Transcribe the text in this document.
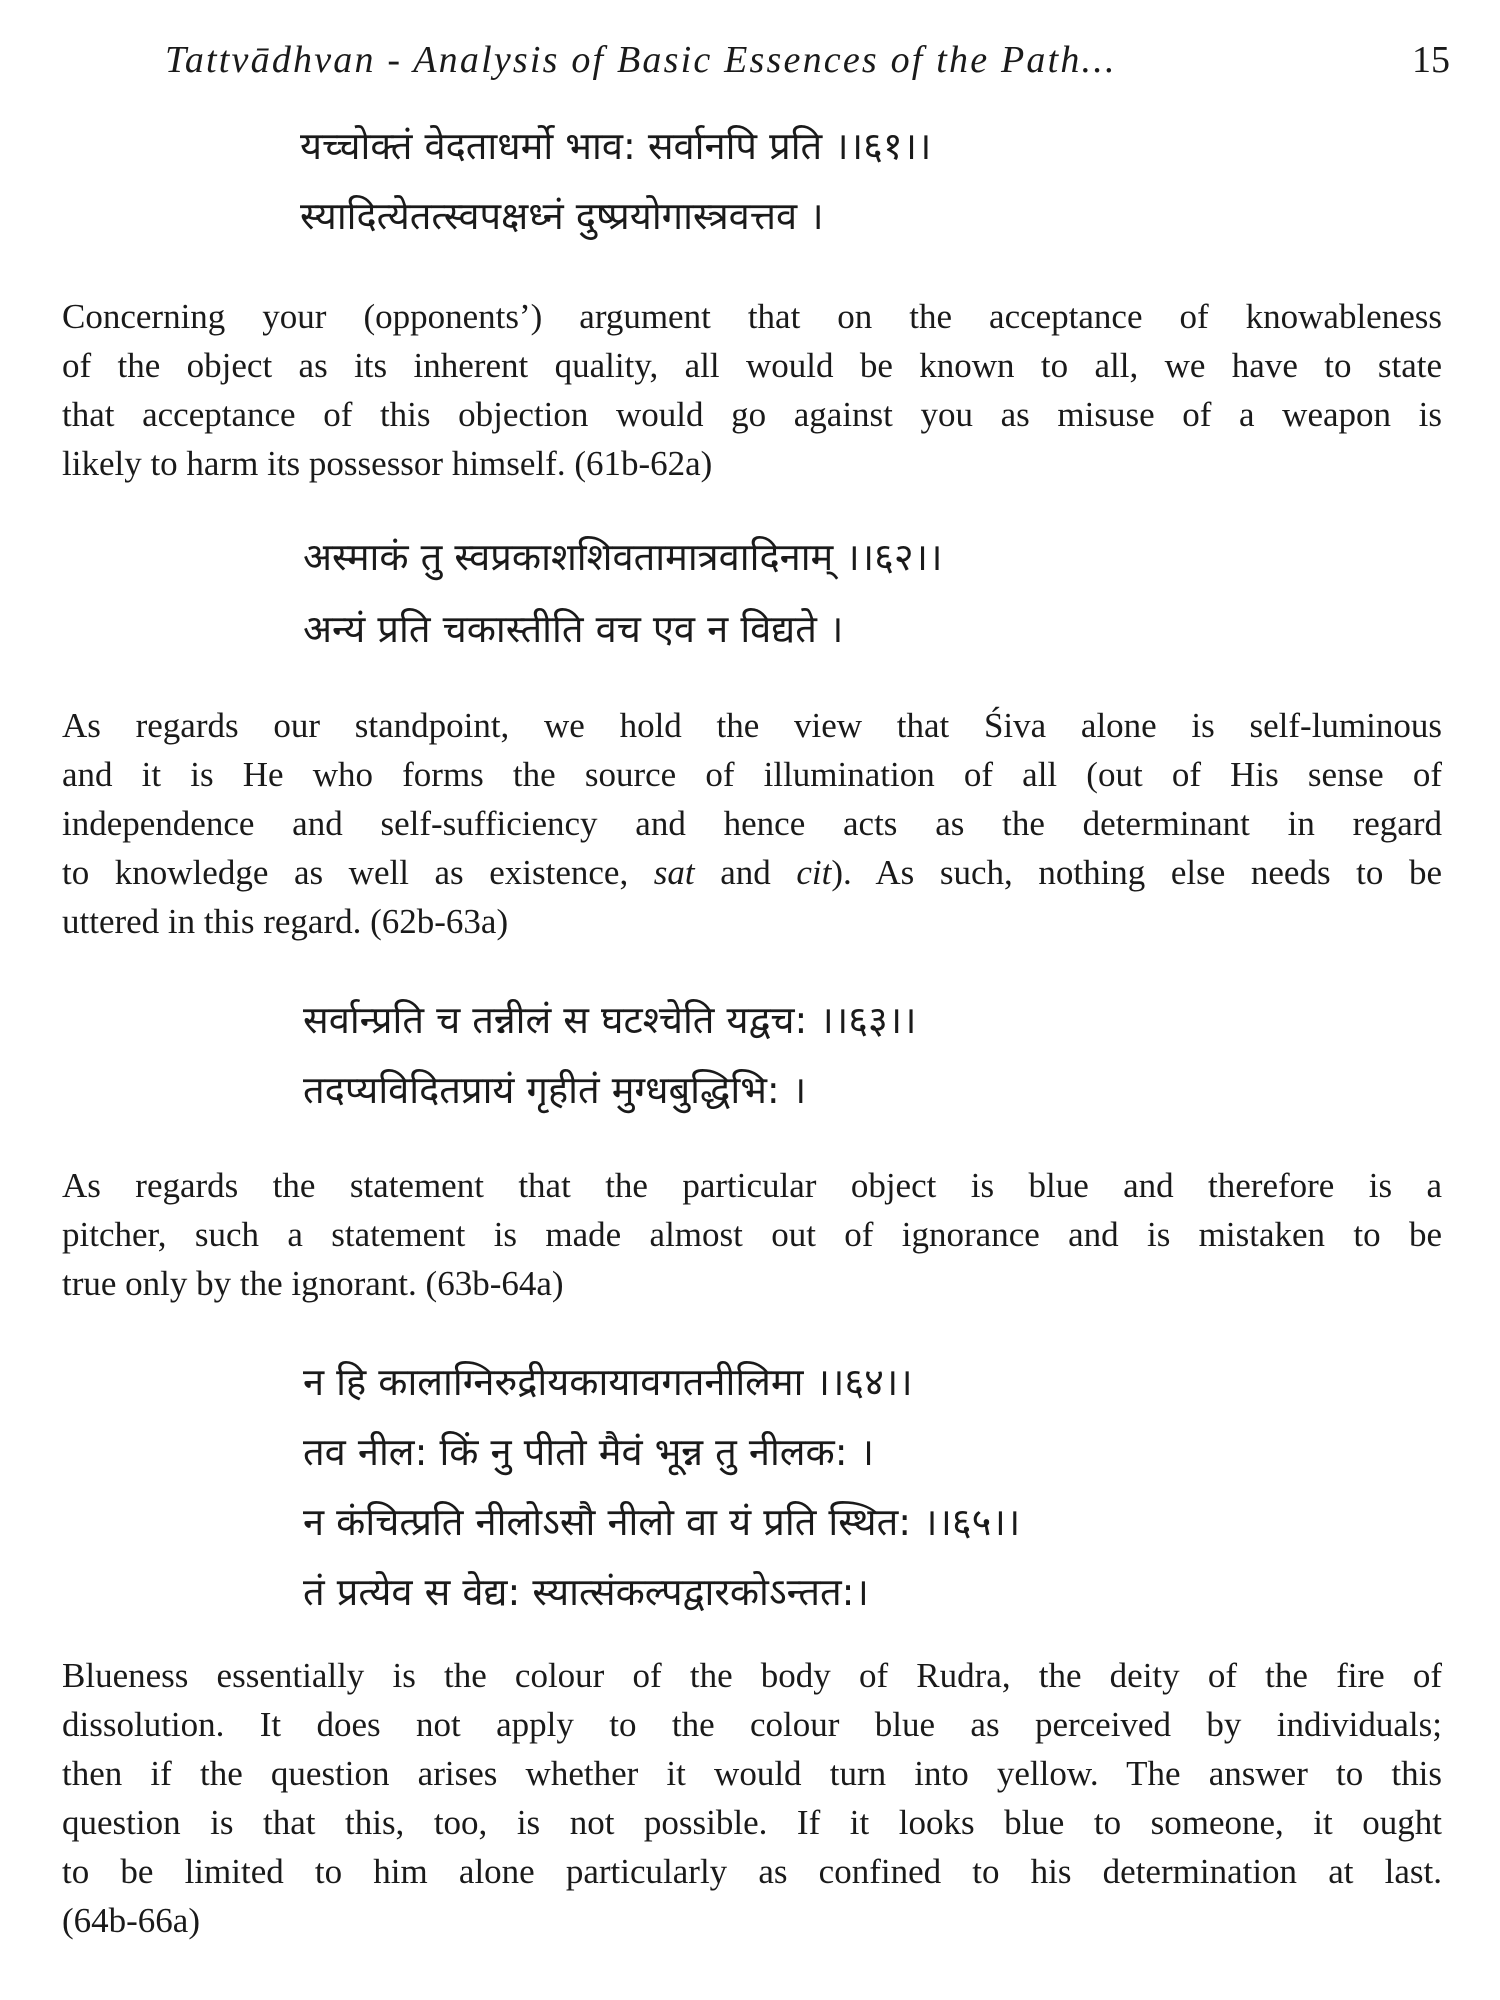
Tattvādhvan - Analysis of Basic Essences of the Path...	15
यच्चोक्तं वेदताधर्मो भाव: सर्वानपि प्रति ।।६१।।
स्यादित्येतत्स्वपक्षध्नं दुष्प्रयोगास्त्रवत्तव ।
Concerning your (opponents’) argument that on the acceptance of knowableness
of the object as its inherent quality, all would be known to all, we have to state
that acceptance of this objection would go against you as misuse of a weapon is
likely to harm its possessor himself. (61b-62a)
अस्माकं तु स्वप्रकाशशिवतामात्रवादिनाम् ।।६२।।
अन्यं प्रति चकास्तीति वच एव न विद्यते ।
As regards our standpoint, we hold the view that Śiva alone is self-luminous
and it is He who forms the source of illumination of all (out of His sense of
independence and self-sufficiency and hence acts as the determinant in regard
to knowledge as well as existence, sat and cit). As such, nothing else needs to be
uttered in this regard. (62b-63a)
सर्वान्प्रति च तन्नीलं स घटश्चेति यद्वच: ।।६३।।
तदप्यविदितप्रायं गृहीतं मुग्धबुद्धिभि: ।
As regards the statement that the particular object is blue and therefore is a
pitcher, such a statement is made almost out of ignorance and is mistaken to be
true only by the ignorant. (63b-64a)
न हि कालाग्निरुद्रीयकायावगतनीलिमा ।।६४।।
तव नील: किं नु पीतो मैवं भून्न तु नीलक: ।
न कंचित्प्रति नीलोऽसौ नीलो वा यं प्रति स्थित: ।।६५।।
तं प्रत्येव स वेद्य: स्यात्संकल्पद्वारकोऽन्तत:।
Blueness essentially is the colour of the body of Rudra, the deity of the fire of
dissolution. It does not apply to the colour blue as perceived by individuals;
then if the question arises whether it would turn into yellow. The answer to this
question is that this, too, is not possible. If it looks blue to someone, it ought
to be limited to him alone particularly as confined to his determination at last.
(64b-66a)
